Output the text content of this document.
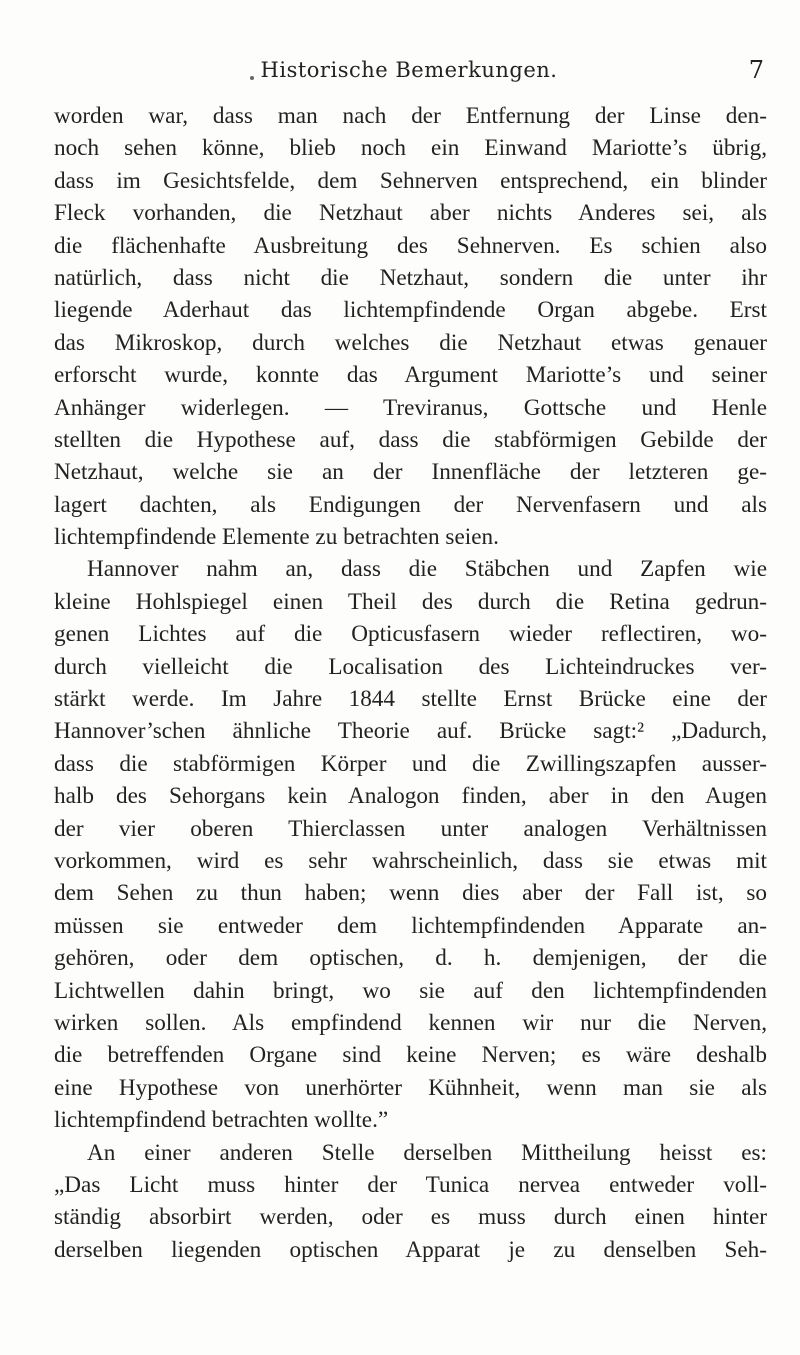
Historische Bemerkungen.	7
worden war, dass man nach der Entfernung der Linse den-
noch sehen könne, blieb noch ein Einwand Mariotte’s übrig,
dass im Gesichtsfelde, dem Sehnerven entsprechend, ein blinder
Fleck vorhanden, die Netzhaut aber nichts Anderes sei, als
die flächenhafte Ausbreitung des Sehnerven. Es schien also
natürlich, dass nicht die Netzhaut, sondern die unter ihr
liegende Aderhaut das lichtempfindende Organ abgebe. Erst
das Mikroskop, durch welches die Netzhaut etwas genauer
erforscht wurde, konnte das Argument Mariotte’s und seiner
Anhänger widerlegen. — Treviranus, Gottsche und Henle
stellten die Hypothese auf, dass die stabförmigen Gebilde der
Netzhaut, welche sie an der Innenfläche der letzteren ge-
lagert dachten, als Endigungen der Nervenfasern und als
lichtempfindende Elemente zu betrachten seien.
Hannover nahm an, dass die Stäbchen und Zapfen wie
kleine Hohlspiegel einen Theil des durch die Retina gedrun-
genen Lichtes auf die Opticusfasern wieder reflectiren, wo-
durch vielleicht die Localisation des Lichteindruckes ver-
stärkt werde. Im Jahre 1844 stellte Ernst Brücke eine der
Hannover’schen ähnliche Theorie auf. Brücke sagt:² „Dadurch,
dass die stabförmigen Körper und die Zwillingszapfen ausser-
halb des Sehorgans kein Analogon finden, aber in den Augen
der vier oberen Thierclassen unter analogen Verhältnissen
vorkommen, wird es sehr wahrscheinlich, dass sie etwas mit
dem Sehen zu thun haben; wenn dies aber der Fall ist, so
müssen sie entweder dem lichtempfindenden Apparate an-
gehören, oder dem optischen, d. h. demjenigen, der die
Lichtwellen dahin bringt, wo sie auf den lichtempfindenden
wirken sollen. Als empfindend kennen wir nur die Nerven,
die betreffenden Organe sind keine Nerven; es wäre deshalb
eine Hypothese von unerhörter Kühnheit, wenn man sie als
lichtempfindend betrachten wollte.”
An einer anderen Stelle derselben Mittheilung heisst es:
„Das Licht muss hinter der Tunica nervea entweder voll-
ständig absorbirt werden, oder es muss durch einen hinter
derselben liegenden optischen Apparat je zu denselben Seh-
